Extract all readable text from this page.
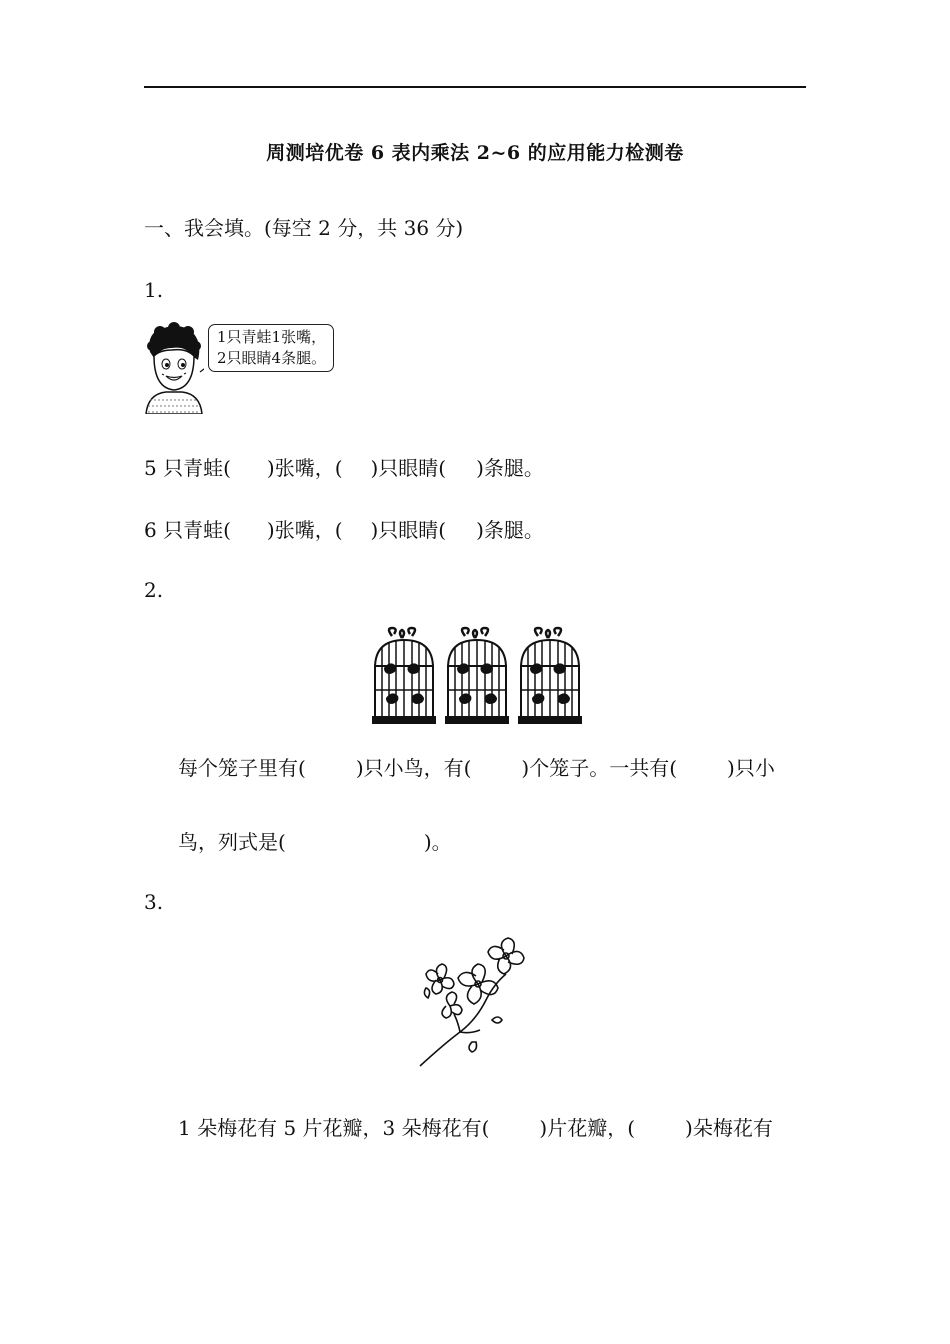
周测培优卷 6 表内乘法 2~6 的应用能力检测卷
一、我会填。(每空 2 分，共 36 分)
1.
1只青蛙1张嘴，
2只眼睛4条腿。
5 只青蛙( )张嘴，( )只眼睛( )条腿。
6 只青蛙( )张嘴，( )只眼睛( )条腿。
2.
每个笼子里有(	)只小鸟，有(	)个笼子。一共有(	)只小
鸟，列式是(	)。
3.
1 朵梅花有 5 片花瓣，3 朵梅花有(	)片花瓣，(	)朵梅花有
